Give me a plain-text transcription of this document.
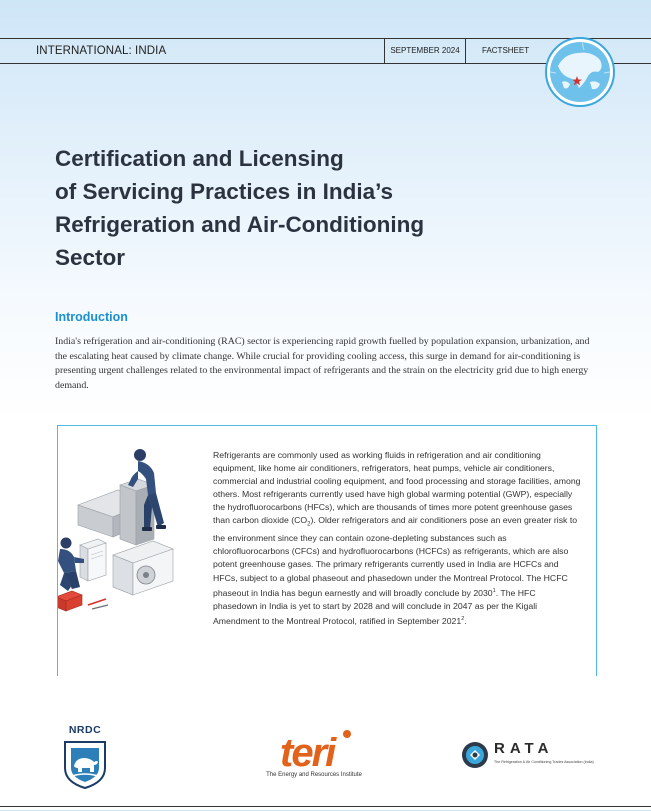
INTERNATIONAL: INDIA	SEPTEMBER 2024	FACTSHEET
Certification and Licensing
of Servicing Practices in India’s
Refrigeration and Air-Conditioning
Sector
Introduction

India's refrigeration and air-conditioning (RAC) sector is experiencing rapid growth fuelled by population expansion, urbanization, and the escalating heat caused by climate change. While crucial for providing cooling access, this surge in demand for air-conditioning is presenting urgent challenges related to the environmental impact of refrigerants and the strain on the electricity grid due to high energy demand.

Refrigerants are commonly used as working fluids in refrigeration and air conditioning equipment, like home air conditioners, refrigerators, heat pumps, vehicle air conditioners, commercial and industrial cooling equipment, and food processing and storage facilities, among others. Most refrigerants currently used have high global warming potential (GWP), especially the hydrofluorocarbons (HFCs), which are thousands of times more potent greenhouse gases than carbon dioxide $(CO_2)$. Older refrigerators and air conditioners pose an even greater risk to the environment since they can contain ozone-depleting substances such as chlorofluorocarbons (CFCs) and hydrofluorocarbons (HCFCs) as refrigerants, which are also potent greenhouse gases. The primary refrigerants currently used in India are HCFCs and HFCs, subject to a global phaseout and phasedown under the Montreal Protocol. The HCFC phaseout in India has begun earnestly and will broadly conclude by 2030$^1$. The HFC phasedown in India is yet to start by 2028 and will conclude in 2047 as per the Kigali Amendment to the Montreal Protocol, ratified in September 2021$^2$.

NRDC
teri
The Energy and Resources Institute
RATA
The Refrigeration & Air Conditioning Trades Association (India)
